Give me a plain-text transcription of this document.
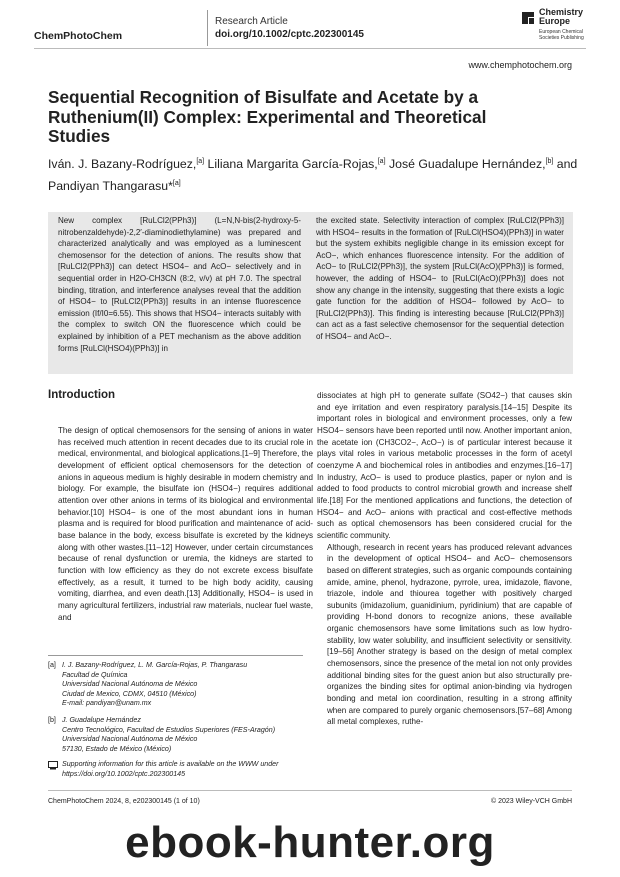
ChemPhotoChem
Research Article
doi.org/10.1002/cptc.202300145
Chemistry
Europe
European Chemical
Societies Publishing
www.chemphotochem.org
Sequential Recognition of Bisulfate and Acetate by a Ruthenium(II) Complex: Experimental and Theoretical Studies

Iván. J. Bazany-Rodríguez,[a] Liliana Margarita García-Rojas,[a] José Guadalupe Hernández,[b] and Pandiyan Thangarasu*[a]

New complex [RuLCl2(PPh3)] (L=N,N-bis(2-hydroxy-5-nitrobenzaldehyde)-2,2′-diaminodiethylamine) was prepared and characterized analytically and was employed as a luminescent chemosensor for the detection of anions. The results show that [RuLCl2(PPh3)] can detect HSO4− and AcO− selectively and in sequential order in H2O-CH3CN (8:2, v/v) at pH 7.0. The spectral binding, titration, and interference analyses reveal that the addition of HSO4− to [RuLCl2(PPh3)] results in an intense fluorescence emission (If/I0=6.55). This shows that HSO4− interacts suitably with the complex to switch ON the fluorescence which could be explained by inhibition of a PET mechanism as the above addition forms [RuLCl(HSO4)(PPh3)] in
the excited state. Selectivity interaction of complex [RuLCl2(PPh3)] with HSO4− results in the formation of [RuLCl(HSO4)(PPh3)] in water but the system exhibits negligible change in its emission except for AcO−, which enhances fluorescence intensity. For the addition of AcO− to [RuLCl2(PPh3)], the system [RuLCl(AcO)(PPh3)] is formed, however, the adding of HSO4− to [RuLCl(AcO)(PPh3)] does not show any change in the intensity, suggesting that there exists a logic gate function for the addition of HSO4− followed by AcO− to [RuLCl2(PPh3)]. This finding is interesting because [RuLCl2(PPh3)] can act as a fast selective chemosensor for the sequential detection of HSO4− and AcO−.
Introduction

The design of optical chemosensors for the sensing of anions in water has received much attention in recent decades due to its crucial role in medical, environmental, and biological applications.[1–9] Therefore, the development of efficient optical chemosensors for the detection of anions in aqueous medium is highly desirable in modern chemistry and biology. For example, the bisulfate ion (HSO4−) requires additional attention over other anions in terms of its biological and environmental behavior.[10] HSO4− is one of the most abundant ions in human plasma and is required for blood purification and maintenance of acid-base balance in the body, excess bisulfate is excreted by the kidneys along with other wastes.[11–12] However, under certain circumstances because of renal dysfunction or uremia, the kidneys are started to function with low efficiency as they do not excrete excess bisulfate effectively, as a result, it turned to be high body acidity, causing vomiting, diarrhea, and even death.[13] Additionally, HSO4− is used in many agricultural fertilizers, industrial raw materials, nuclear fuel waste, and

dissociates at high pH to generate sulfate (SO42−) that causes skin and eye irritation and even respiratory paralysis.[14–15] Despite its important roles in biological and environment processes, only a few HSO4− sensors have been reported until now. Another important anion, the acetate ion (CH3CO2−, AcO−) is of particular interest because it plays vital roles in various metabolic processes in the form of acetyl coenzyme A and biochemical roles in antibodies and enzymes.[16–17] In industry, AcO− is used to produce plastics, paper or nylon and is added to food products to control microbial growth and increase shelf life.[18] For the mentioned applications and functions, the detection of HSO4− and AcO− anions with practical and cost-effective methods such as optical chemosensors has been considered crucial for the scientific community.

Although, research in recent years has produced relevant advances in the development of optical HSO4− and AcO− chemosensors based on different strategies, such as organic compounds containing amide, amine, phenol, hydrazone, pyrrole, urea, imidazole, flavone, triazole, indole and thiourea together with positively charged subunits (imidazolium, guanidinium, pyridinium) that are capable of providing H-bond donors to recognize anions, these available organic chemosensors have some limitations such as low hydro-stability, low water solubility, and insufficient selectivity or sensitivity.[19–56] Another strategy is based on the design of metal complex chemosensors, since the presence of the metal ion not only provides additional binding sites for the guest anion but also structurally pre-organizes the binding sites for optimal anion-binding via hydrogen bonding and metal ion coordination, resulting in a strong affinity when are compared to purely organic chemosensors.[57–68] Among all metal complexes, ruthe-

[a] I. J. Bazany-Rodríguez, L. M. García-Rojas, P. Thangarasu
Facultad de Química
Universidad Nacional Autónoma de México
Ciudad de Mexico, CDMX, 04510 (México)
E-mail: pandiyan@unam.mx
[b] J. Guadalupe Hernández
Centro Tecnológico, Facultad de Estudios Superiores (FES-Aragón)
Universidad Nacional Autónoma de México
57130, Estado de México (México)
Supporting information for this article is available on the WWW under https://doi.org/10.1002/cptc.202300145
ChemPhotoChem 2024, 8, e202300145 (1 of 10)	© 2023 Wiley-VCH GmbH
ebook-hunter.org
